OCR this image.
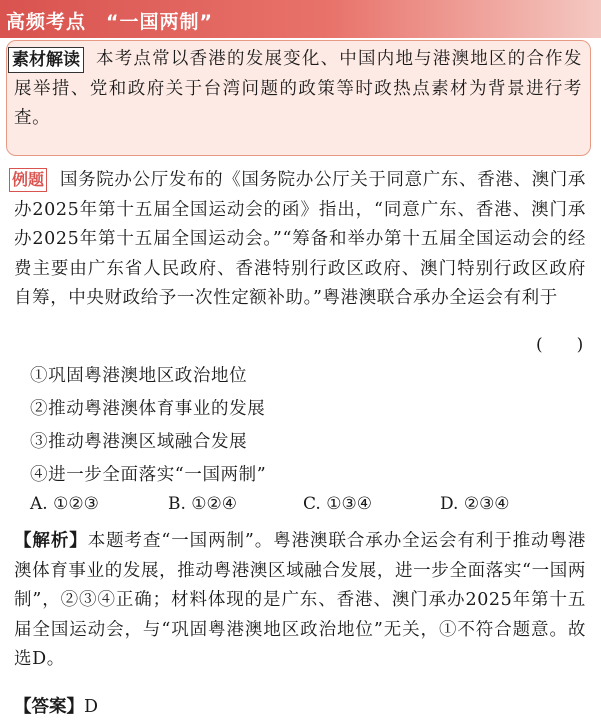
高频考点　“一国两制”
本考点常以香港的发展变化、中国内地与港澳地区的合作发展举措、党和政府关于台湾问题的政策等时政热点素材为背景进行考查。
素材解读
国务院办公厅发布的《国务院办公厅关于同意广东、香港、澳门承办2025年第十五届全国运动会的函》指出，“同意广东、香港、澳门承办2025年第十五届全国运动会。”“筹备和举办第十五届全国运动会的经费主要由广东省人民政府、香港特别行政区政府、澳门特别行政区政府自筹，中央财政给予一次性定额补助。”粤港澳联合承办全运会有利于
例题
(　　)
①巩固粤港澳地区政治地位
②推动粤港澳体育事业的发展
③推动粤港澳区域融合发展
④进一步全面落实“一国两制”
A. ①②③	B. ①②④	C. ①③④	D. ②③④
【解析】本题考查“一国两制”。粤港澳联合承办全运会有利于推动粤港澳体育事业的发展，推动粤港澳区域融合发展，进一步全面落实“一国两制”，②③④正确；材料体现的是广东、香港、澳门承办2025年第十五届全国运动会，与“巩固粤港澳地区政治地位”无关，①不符合题意。故选D。
【答案】D
